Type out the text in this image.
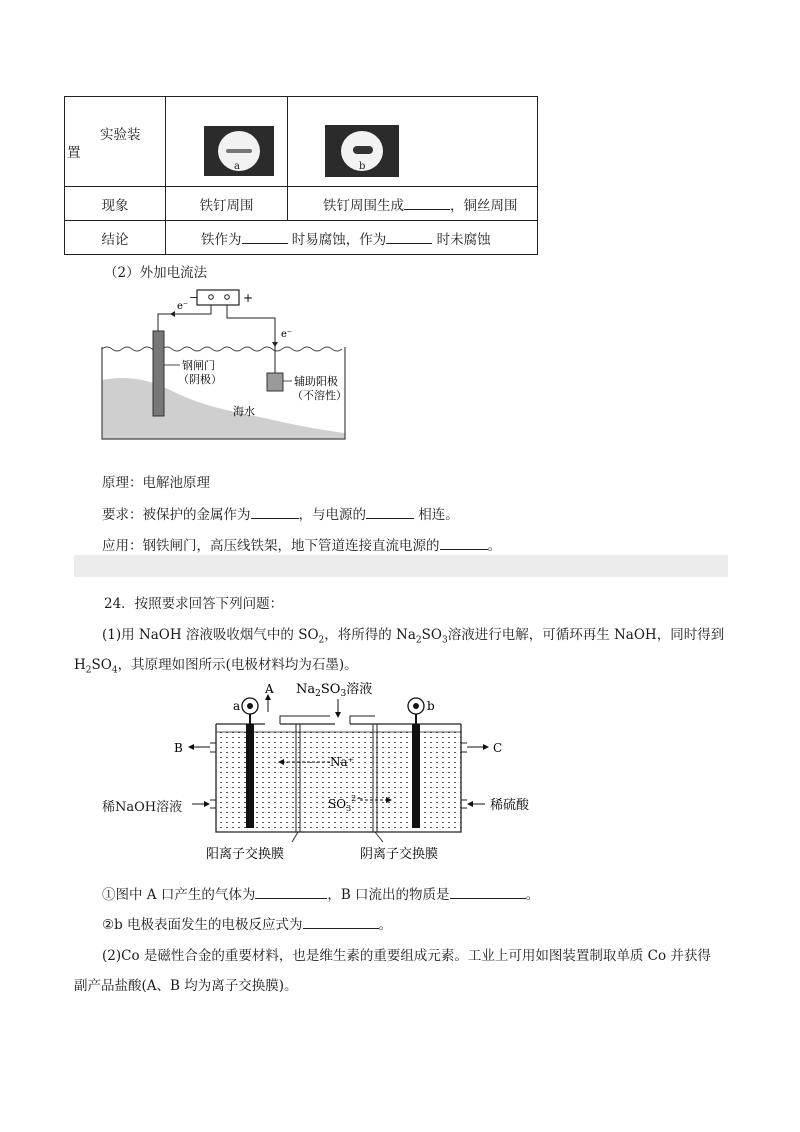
实验装
置	a	b

现象	铁钉周围	铁钉周围生成 ，铜丝周围
结论	铁作为 时易腐蚀，作为 时未腐蚀	
（2）外加电流法
−	+
e⁻
e⁻
钢闸门
（阴极）	辅助阳极
（不溶性）
海水
原理：电解池原理
要求：被保护的金属作为	，与电源的	相连。
应用：钢铁闸门，高压线铁架，地下管道连接直流电源的	。
24．按照要求回答下列问题：
(1)用 NaOH 溶液吸收烟气中的 $SO_2$，将所得的 $Na_2SO_3$溶液进行电解，可循环再生 NaOH，同时得到
$H_2SO_4$，其原理如图所示(电极材料均为石墨)。
a	b
A $Na_2SO_3$溶液
B	C
稀硫酸
Na⁺
$SO_3^{2-}$
阳离子交换膜	阴离子交换膜
稀NaOH溶液
①图中 A 口产生的气体为	，B 口流出的物质是	。
②b 电极表面发生的电极反应式为	。
(2)Co 是磁性合金的重要材料，也是维生素的重要组成元素。工业上可用如图装置制取单质 Co 并获得
副产品盐酸(A、B 均为离子交换膜)。
